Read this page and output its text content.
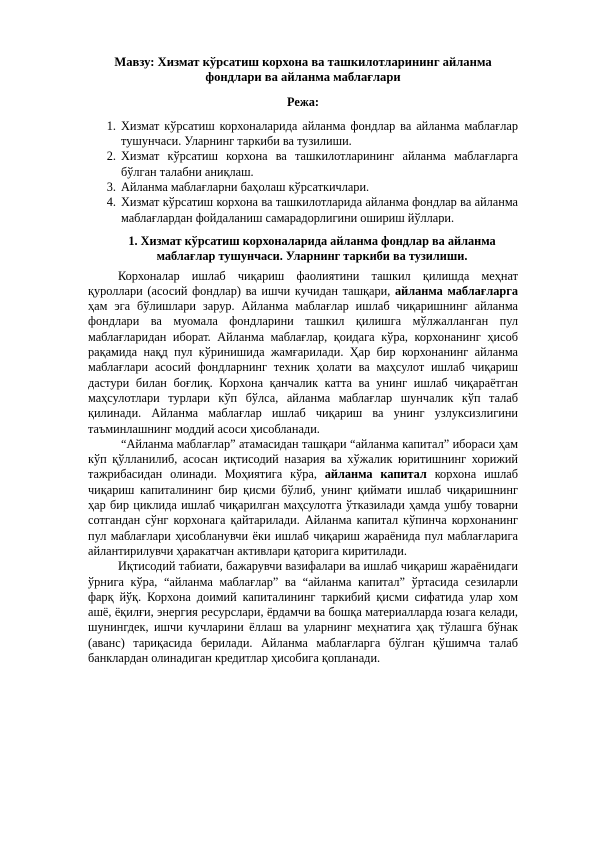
Мавзу: Хизмат кўрсатиш корхона ва ташкилотларининг айланма фондлари ва айланма маблағлари

Режа:

1. Хизмат кўрсатиш корхоналарида айланма фондлар ва айланма маблағлар тушунчаси. Уларнинг таркиби ва тузилиши.
2. Хизмат кўрсатиш корхона ва ташкилотларининг айланма маблағларга бўлган талабни аниқлаш.
3. Айланма маблағларни баҳолаш кўрсаткичлари.
4. Хизмат кўрсатиш корхона ва ташкилотларида айланма фондлар ва айланма маблағлардан фойдаланиш самарадорлигини ошириш йўллари.

1. Хизмат кўрсатиш корхоналарида айланма фондлар ва айланма маблағлар тушунчаси. Уларнинг таркиби ва тузилиши.

Корхоналар ишлаб чиқариш фаолиятини ташкил қилишда меҳнат қуроллари (асосий фондлар) ва ишчи кучидан ташқари, айланма маблағларга ҳам эга бўлишлари зарур. Айланма маблағлар ишлаб чиқаришнинг айланма фондлари ва муомала фондларини ташкил қилишга мўлжалланган пул маблағларидан иборат. Айланма маблағлар, қоидага кўра, корхонанинг ҳисоб рақамида нақд пул кўринишида жамғарилади. Ҳар бир корхонанинг айланма маблағлари асосий фондларнинг техник ҳолати ва маҳсулот ишлаб чиқариш дастури билан боғлиқ. Корхона қанчалик катта ва унинг ишлаб чиқараётган маҳсулотлари турлари кўп бўлса, айланма маблағлар шунчалик кўп талаб қилинади. Айланма маблағлар ишлаб чиқариш ва унинг узлуксизлигини таъминлашнинг моддий асоси ҳисобланади.

“Айланма маблағлар” атамасидан ташқари “айланма капитал” ибораси ҳам кўп қўлланилиб, асосан иқтисодий назария ва хўжалик юритишнинг хорижий тажрибасидан олинади. Моҳиятига кўра, айланма капитал корхона ишлаб чиқариш капиталининг бир қисми бўлиб, унинг қиймати ишлаб чиқаришнинг ҳар бир циклида ишлаб чиқарилган маҳсулотга ўтказилади ҳамда ушбу товарни сотгандан сўнг корхонага қайтарилади. Айланма капитал кўпинча корхонанинг пул маблағлари ҳисобланувчи ёки ишлаб чиқариш жараёнида пул маблағларига айлантирилувчи ҳаракатчан активлари қаторига киритилади.

Иқтисодий табиати, бажарувчи вазифалари ва ишлаб чиқариш жараёнидаги ўрнига кўра, “айланма маблағлар” ва “айланма капитал” ўртасида сезиларли фарқ йўқ. Корхона доимий капиталининг таркибий қисми сифатида улар хом ашё, ёқилғи, энергия ресурслари, ёрдамчи ва бошқа материалларда юзага келади, шунингдек, ишчи кучларини ёллаш ва уларнинг меҳнатига ҳақ тўлашга бўнак (аванс) тариқасида берилади. Айланма маблағларга бўлган қўшимча талаб банклардан олинадиган кредитлар ҳисобига қопланади.
